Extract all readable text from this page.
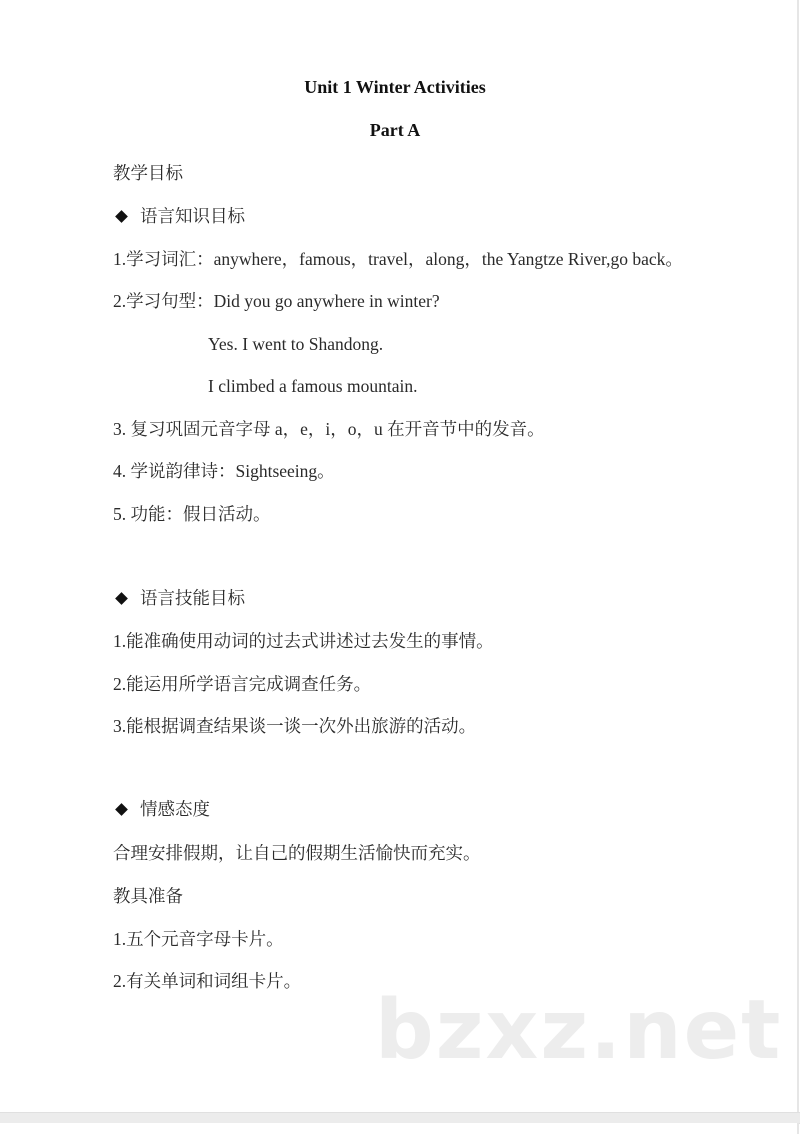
Unit 1 Winter Activities
Part A
教学目标
语言知识目标
1.学习词汇：anywhere，famous，travel，along，the Yangtze River,go back。
2.学习句型：Did you go anywhere in winter?
Yes. I went to Shandong.
I climbed a famous mountain.
3. 复习巩固元音字母 a，e，i，o，u 在开音节中的发音。
4. 学说韵律诗：Sightseeing。
5. 功能：假日活动。
语言技能目标
1.能准确使用动词的过去式讲述过去发生的事情。
2.能运用所学语言完成调查任务。
3.能根据调查结果谈一谈一次外出旅游的活动。
情感态度
合理安排假期，让自己的假期生活愉快而充实。
教具准备
1.五个元音字母卡片。
2.有关单词和词组卡片。
bzxz.net
